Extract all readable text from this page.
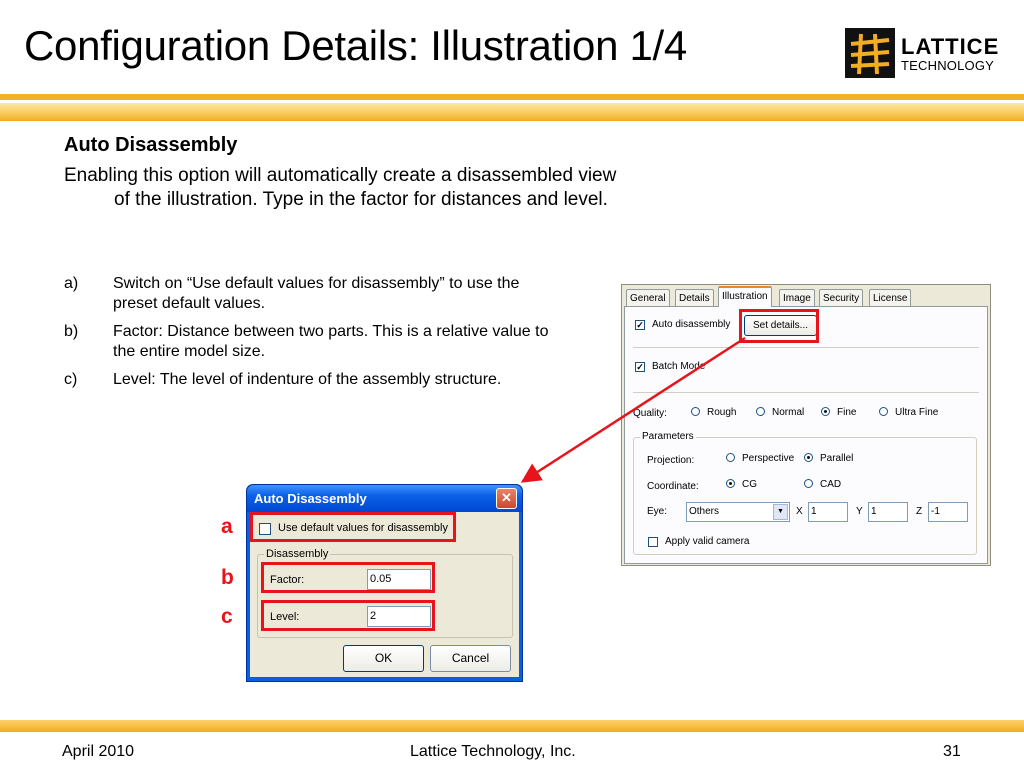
Configuration Details: Illustration 1/4	LATTICE
TECHNOLOGY
Auto Disassembly
Enabling this option will automatically create a disassembled view of the illustration. Type in the factor for distances and level.
a) Switch on “Use default values for disassembly” to use the preset default values.
b) Factor: Distance between two parts. This is a relative value to the entire model size.
c) Level: The level of indenture of the assembly structure.
General	Details	Illustration	Image	Security	License
✓ Auto disassembly	Set details...
✓ Batch Mode
Quality:	Rough	Normal	Fine	Ultra Fine
Parameters
Projection:	Perspective	Parallel
Coordinate:	CG	CAD
Eye:	Others	▼	X 1	Y 1	Z -1
Apply valid camera
Auto Disassembly	✕
Use default values for disassembly
Disassembly
Factor:	0.05
Level:	2
OK	Cancel
a
b
c
April 2010	Lattice Technology, Inc.	31
